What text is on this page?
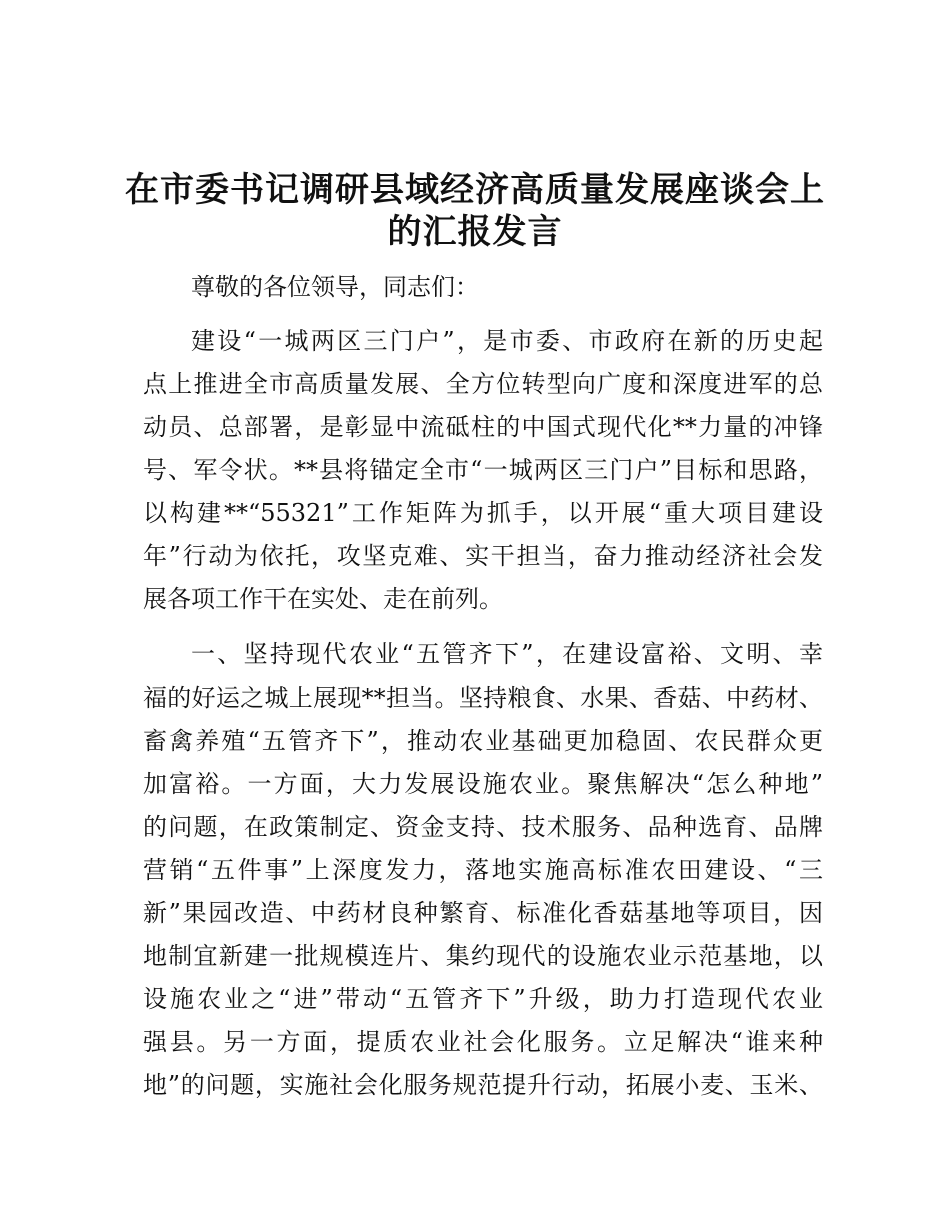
在市委书记调研县域经济高质量发展座谈会上
的汇报发言
尊敬的各位领导，同志们：
建设“一城两区三门户”，是市委、市政府在新的历史起
点上推进全市高质量发展、全方位转型向广度和深度进军的总
动员、总部署，是彰显中流砥柱的中国式现代化**力量的冲锋
号、军令状。**县将锚定全市“一城两区三门户”目标和思路，
以构建**“55321”工作矩阵为抓手，以开展“重大项目建设
年”行动为依托，攻坚克难、实干担当，奋力推动经济社会发
展各项工作干在实处、走在前列。
一、坚持现代农业“五管齐下”，在建设富裕、文明、幸
福的好运之城上展现**担当。坚持粮食、水果、香菇、中药材、
畜禽养殖“五管齐下”，推动农业基础更加稳固、农民群众更
加富裕。一方面，大力发展设施农业。聚焦解决“怎么种地”
的问题，在政策制定、资金支持、技术服务、品种选育、品牌
营销“五件事”上深度发力，落地实施高标准农田建设、“三
新”果园改造、中药材良种繁育、标准化香菇基地等项目，因
地制宜新建一批规模连片、集约现代的设施农业示范基地，以
设施农业之“进”带动“五管齐下”升级，助力打造现代农业
强县。另一方面，提质农业社会化服务。立足解决“谁来种
地”的问题，实施社会化服务规范提升行动，拓展小麦、玉米、
